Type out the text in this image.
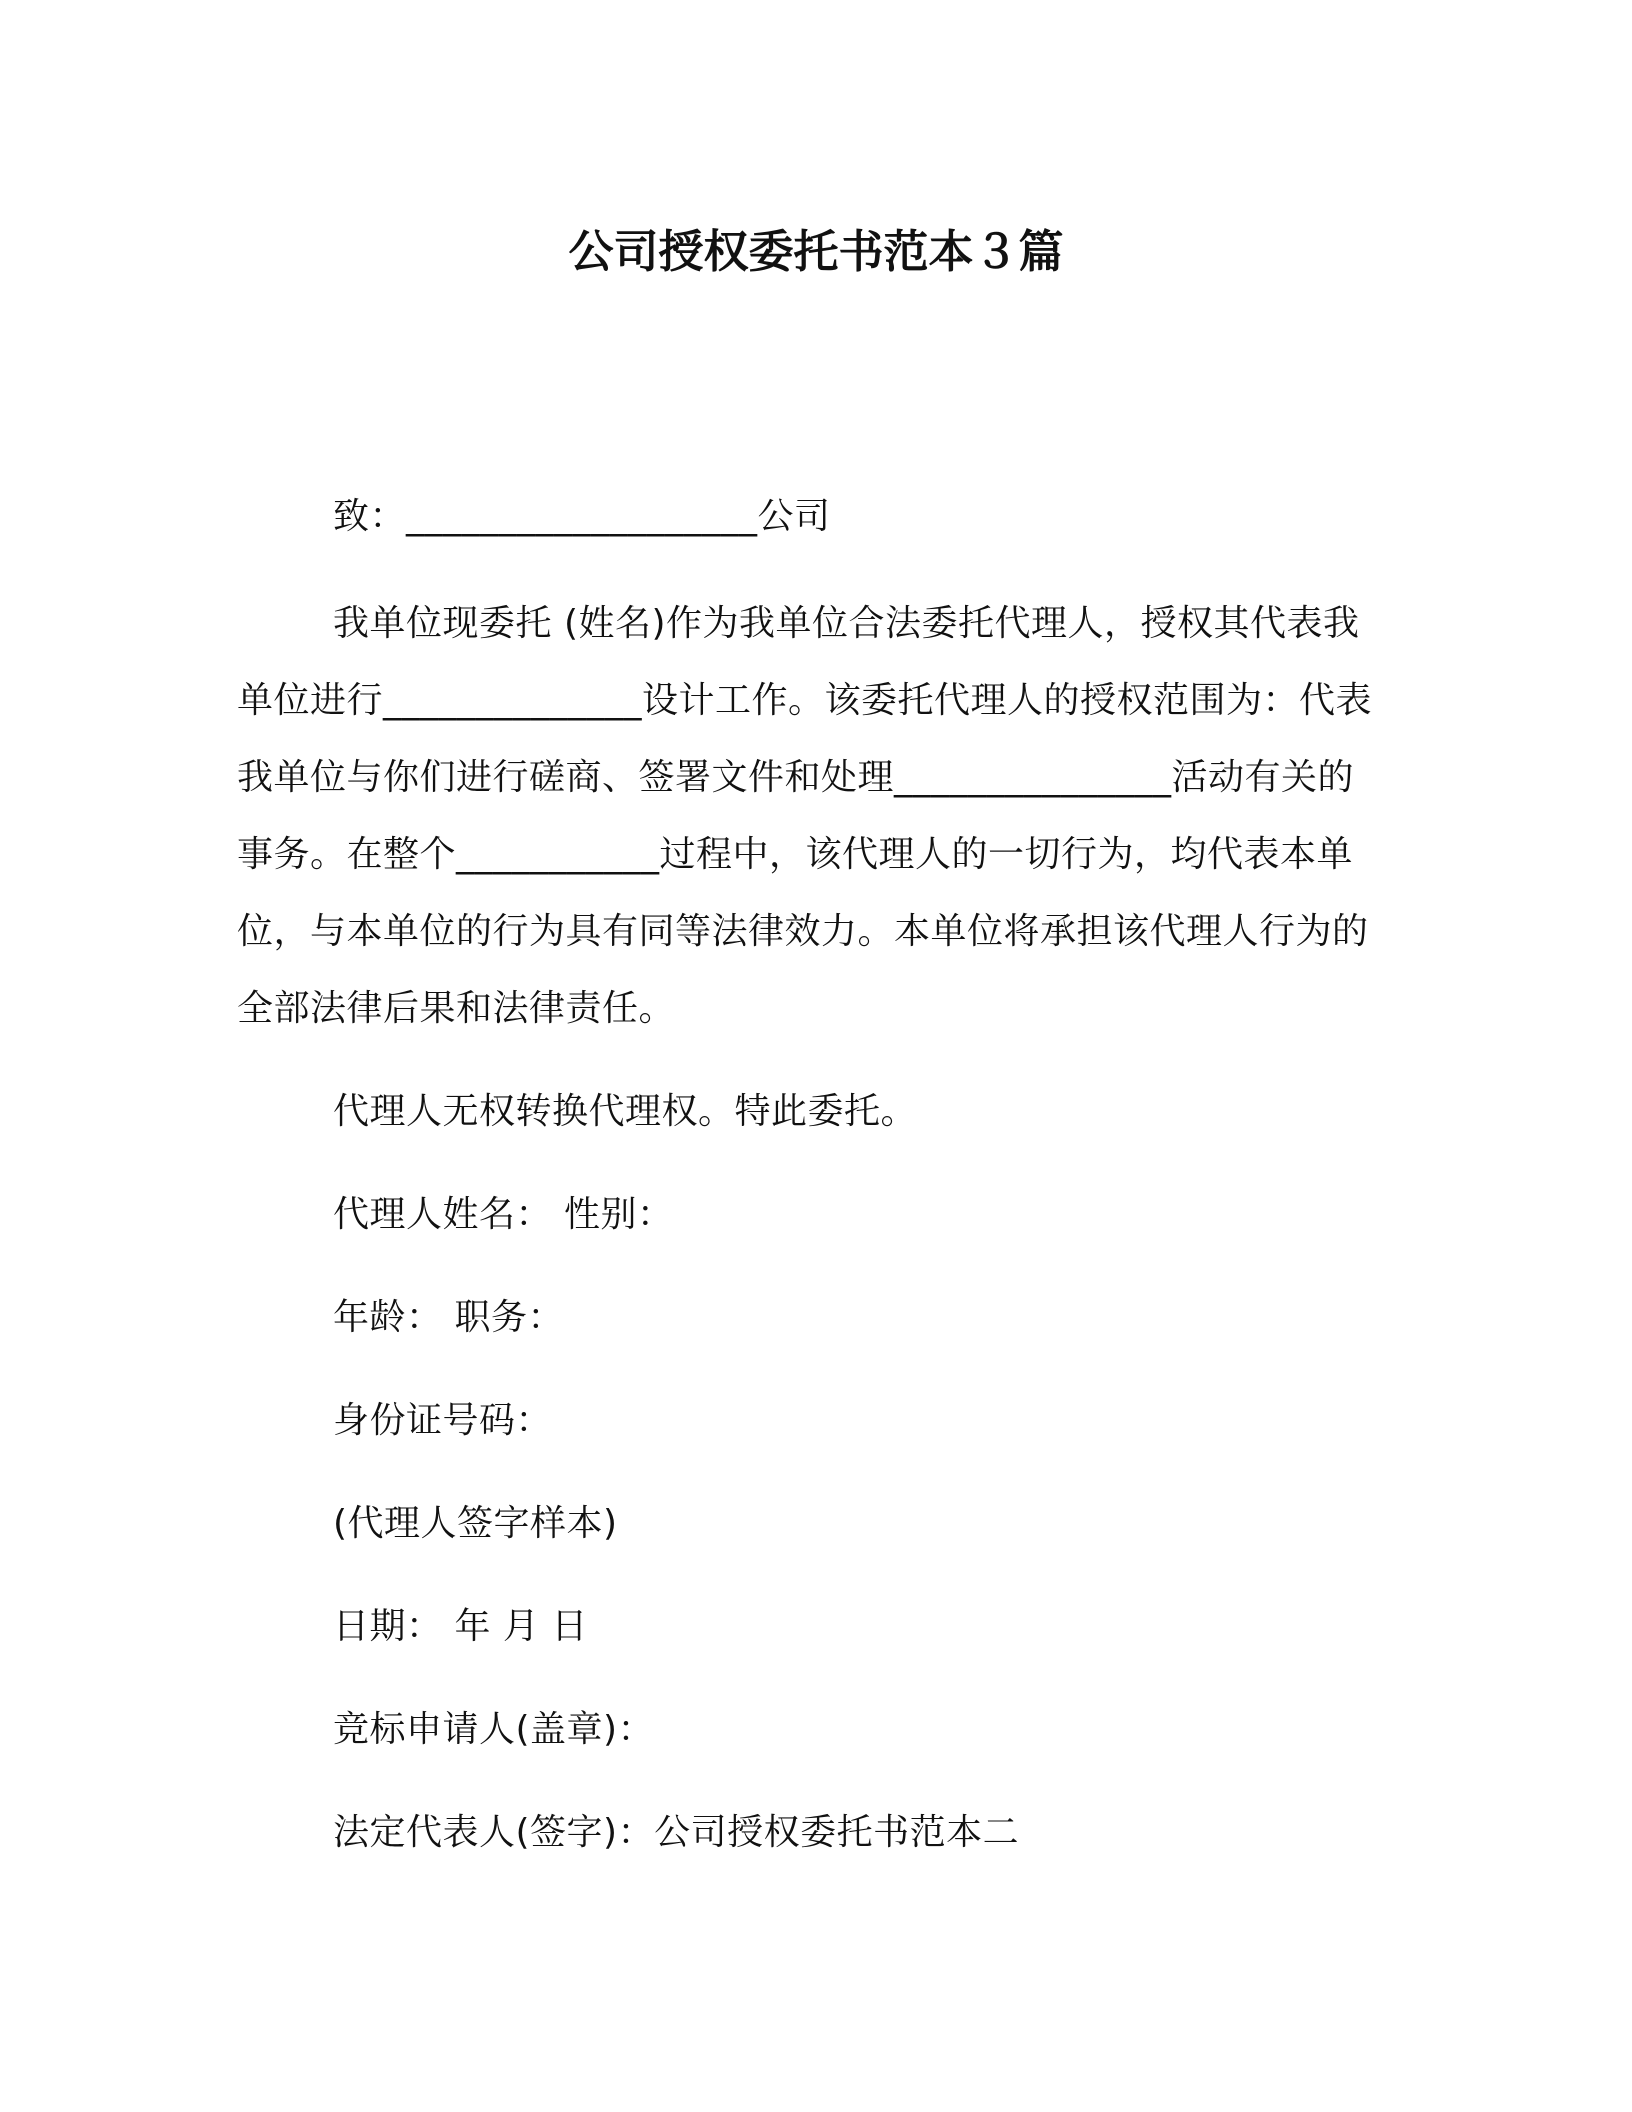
公司授权委托书范本３篇

致：___________________公司

我单位现委托 (姓名)作为我单位合法委托代理人，授权其代表我单位进行______________设计工作。该委托代理人的授权范围为：代表我单位与你们进行磋商、签署文件和处理_______________活动有关的事务。在整个___________过程中，该代理人的一切行为，均代表本单位，与本单位的行为具有同等法律效力。本单位将承担该代理人行为的全部法律后果和法律责任。

代理人无权转换代理权。特此委托。

代理人姓名： 性别：

年龄： 职务：

身份证号码：

(代理人签字样本)

日期： 年 月 日

竞标申请人(盖章)：

法定代表人(签字)：公司授权委托书范本二
